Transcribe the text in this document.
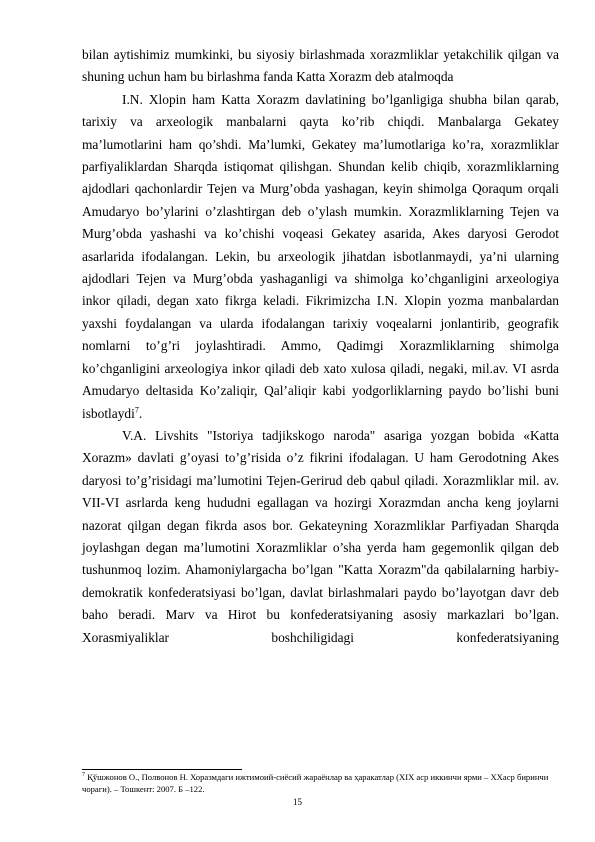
bilan aytishimiz mumkinki, bu siyosiy birlashmada xorazmliklar yetakchilik qilgan va shuning uchun ham bu birlashma fanda Katta Xorazm deb atalmoqda

I.N. Xlopin ham Katta Xorazm davlatining bo’lganligiga shubha bilan qarab, tarixiy va arxeologik manbalarni qayta ko’rib chiqdi. Manbalarga Gekatey ma’lumotlarini ham qo’shdi. Ma’lumki, Gekatey ma’lumotlariga ko’ra, xorazmliklar parfiyaliklardan Sharqda istiqomat qilishgan. Shundan kelib chiqib, xorazmliklarning ajdodlari qachonlardir Tejen va Murg’obda yashagan, keyin shimolga Qoraqum orqali Amudaryo bo’ylarini o’zlashtirgan deb o’ylash mumkin. Xorazmliklarning Tejen va Murg’obda yashashi va ko’chishi voqeasi Gekatey asarida, Akes daryosi Gerodot asarlarida ifodalangan. Lekin, bu arxeologik jihatdan isbotlanmaydi, ya’ni ularning ajdodlari Tejen va Murg’obda yashaganligi va shimolga ko’chganligini arxeologiya inkor qiladi, degan xato fikrga keladi. Fikrimizcha I.N. Xlopin yozma manbalardan yaxshi foydalangan va ularda ifodalangan tarixiy voqealarni jonlantirib, geografik nomlarni to’g’ri joylashtiradi. Ammo, Qadimgi Xorazmliklarning shimolga ko’chganligini arxeologiya inkor qiladi deb xato xulosa qiladi, negaki, mil.av. VI asrda Amudaryo deltasida Ko’zaliqir, Qal’aliqir kabi yodgorliklarning paydo bo’lishi buni isbotlaydi$^7$.

V.A. Livshits "Istoriya tadjikskogo naroda" asariga yozgan bobida «Katta Xorazm» davlati g’oyasi to’g’risida o’z fikrini ifodalagan. U ham Gerodotning Akes daryosi to’g’risidagi ma’lumotini Tejen-Gerirud deb qabul qiladi. Xorazmliklar mil. av. VII-VI asrlarda keng hududni egallagan va hozirgi Xorazmdan ancha keng joylarni nazorat qilgan degan fikrda asos bor. Gekateyning Xorazmliklar Parfiyadan Sharqda joylashgan degan ma’lumotini Xorazmliklar o’sha yerda ham gegemonlik qilgan deb tushunmoq lozim. Ahamoniylargacha bo’lgan "Katta Xorazm"da qabilalarning harbiy- demokratik konfederatsiyasi bo’lgan, davlat birlashmalari paydo bo’layotgan davr deb baho beradi. Marv va Hirot bu konfederatsiyaning asosiy markazlari bo’lgan. Xorasmiyaliklar boshchiligidagi konfederatsiyaning

$^7$ Қўшжонов О., Полвонов Н. Хоразмдаги ижтимоий-сиёсий жараёнлар ва ҳаракатлар (XIX аср иккинчи ярми – XXаср биринчи чораги). – Тошкент: 2007. Б –122.
15
